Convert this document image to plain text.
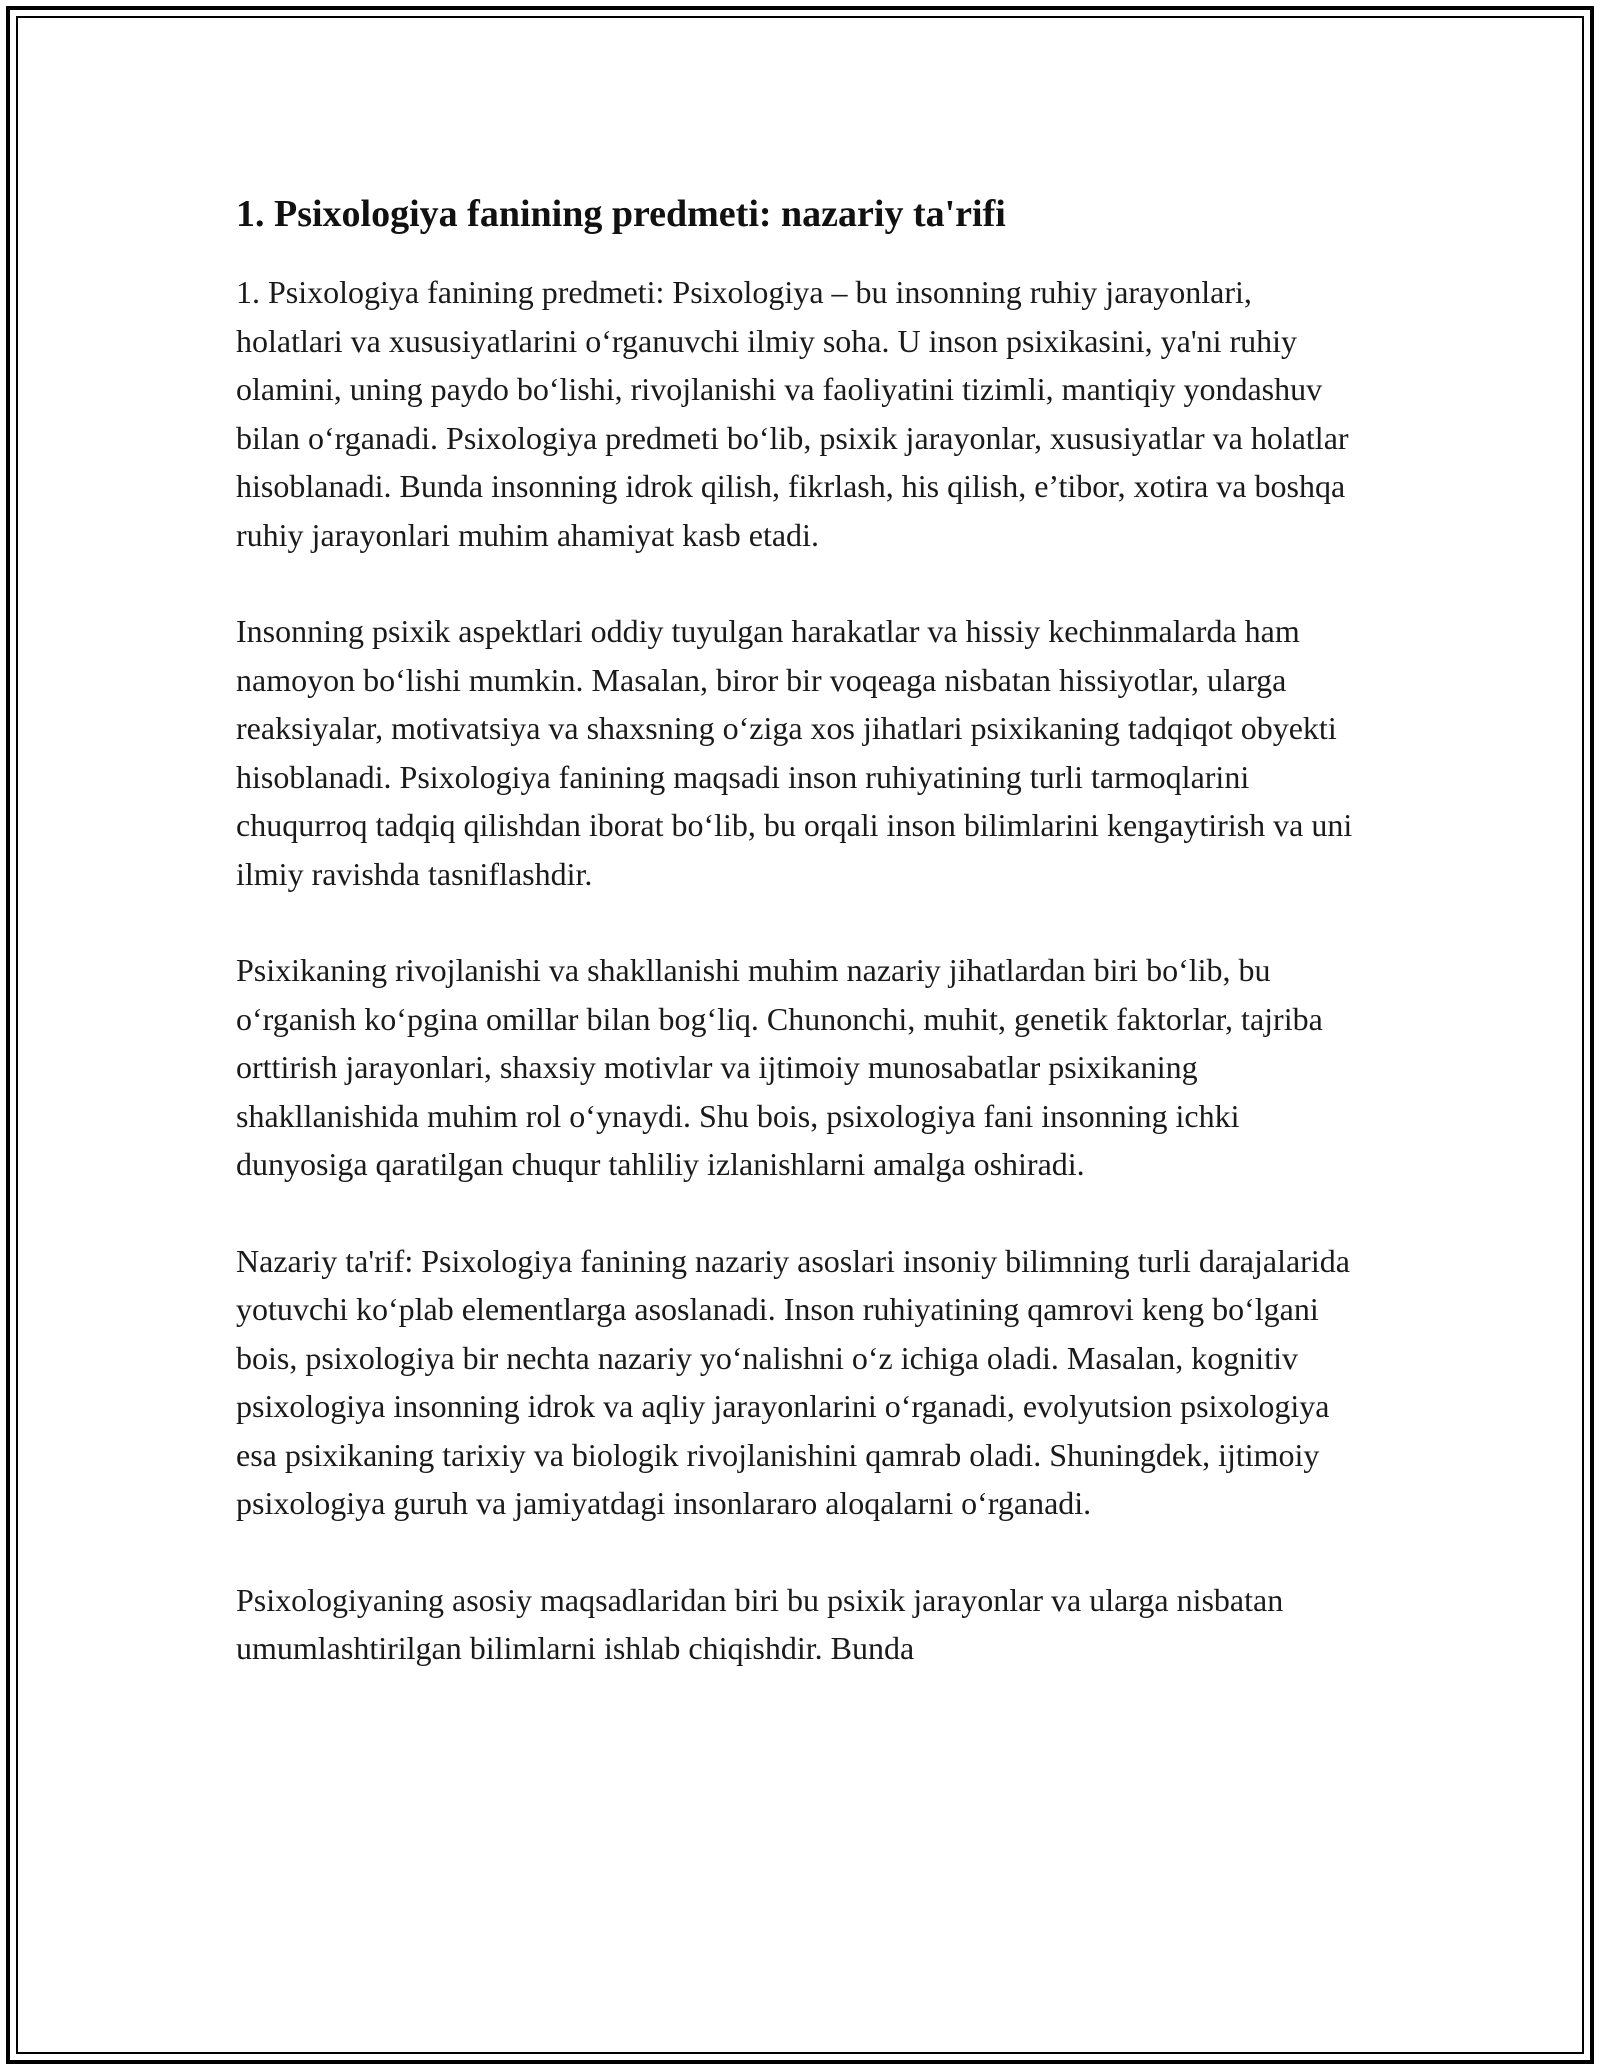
1. Psixologiya fanining predmeti: nazariy ta'rifi

1. Psixologiya fanining predmeti: Psixologiya – bu insonning ruhiy jarayonlari, holatlari va xususiyatlarini o‘rganuvchi ilmiy soha. U inson psixikasini, ya'ni ruhiy olamini, uning paydo bo‘lishi, rivojlanishi va faoliyatini tizimli, mantiqiy yondashuv bilan o‘rganadi. Psixologiya predmeti bo‘lib, psixik jarayonlar, xususiyatlar va holatlar hisoblanadi. Bunda insonning idrok qilish, fikrlash, his qilish, e’tibor, xotira va boshqa ruhiy jarayonlari muhim ahamiyat kasb etadi.

Insonning psixik aspektlari oddiy tuyulgan harakatlar va hissiy kechinmalarda ham namoyon bo‘lishi mumkin. Masalan, biror bir voqeaga nisbatan hissiyotlar, ularga reaksiyalar, motivatsiya va shaxsning o‘ziga xos jihatlari psixikaning tadqiqot obyekti hisoblanadi. Psixologiya fanining maqsadi inson ruhiyatining turli tarmoqlarini chuqurroq tadqiq qilishdan iborat bo‘lib, bu orqali inson bilimlarini kengaytirish va uni ilmiy ravishda tasniflashdir.

Psixikaning rivojlanishi va shakllanishi muhim nazariy jihatlardan biri bo‘lib, bu o‘rganish ko‘pgina omillar bilan bog‘liq. Chunonchi, muhit, genetik faktorlar, tajriba orttirish jarayonlari, shaxsiy motivlar va ijtimoiy munosabatlar psixikaning shakllanishida muhim rol o‘ynaydi. Shu bois, psixologiya fani insonning ichki dunyosiga qaratilgan chuqur tahliliy izlanishlarni amalga oshiradi.

Nazariy ta'rif: Psixologiya fanining nazariy asoslari insoniy bilimning turli darajalarida yotuvchi ko‘plab elementlarga asoslanadi. Inson ruhiyatining qamrovi keng bo‘lgani bois, psixologiya bir nechta nazariy yo‘nalishni o‘z ichiga oladi. Masalan, kognitiv psixologiya insonning idrok va aqliy jarayonlarini o‘rganadi, evolyutsion psixologiya esa psixikaning tarixiy va biologik rivojlanishini qamrab oladi. Shuningdek, ijtimoiy psixologiya guruh va jamiyatdagi insonlararo aloqalarni o‘rganadi.

Psixologiyaning asosiy maqsadlaridan biri bu psixik jarayonlar va ularga nisbatan umumlashtirilgan bilimlarni ishlab chiqishdir. Bunda
